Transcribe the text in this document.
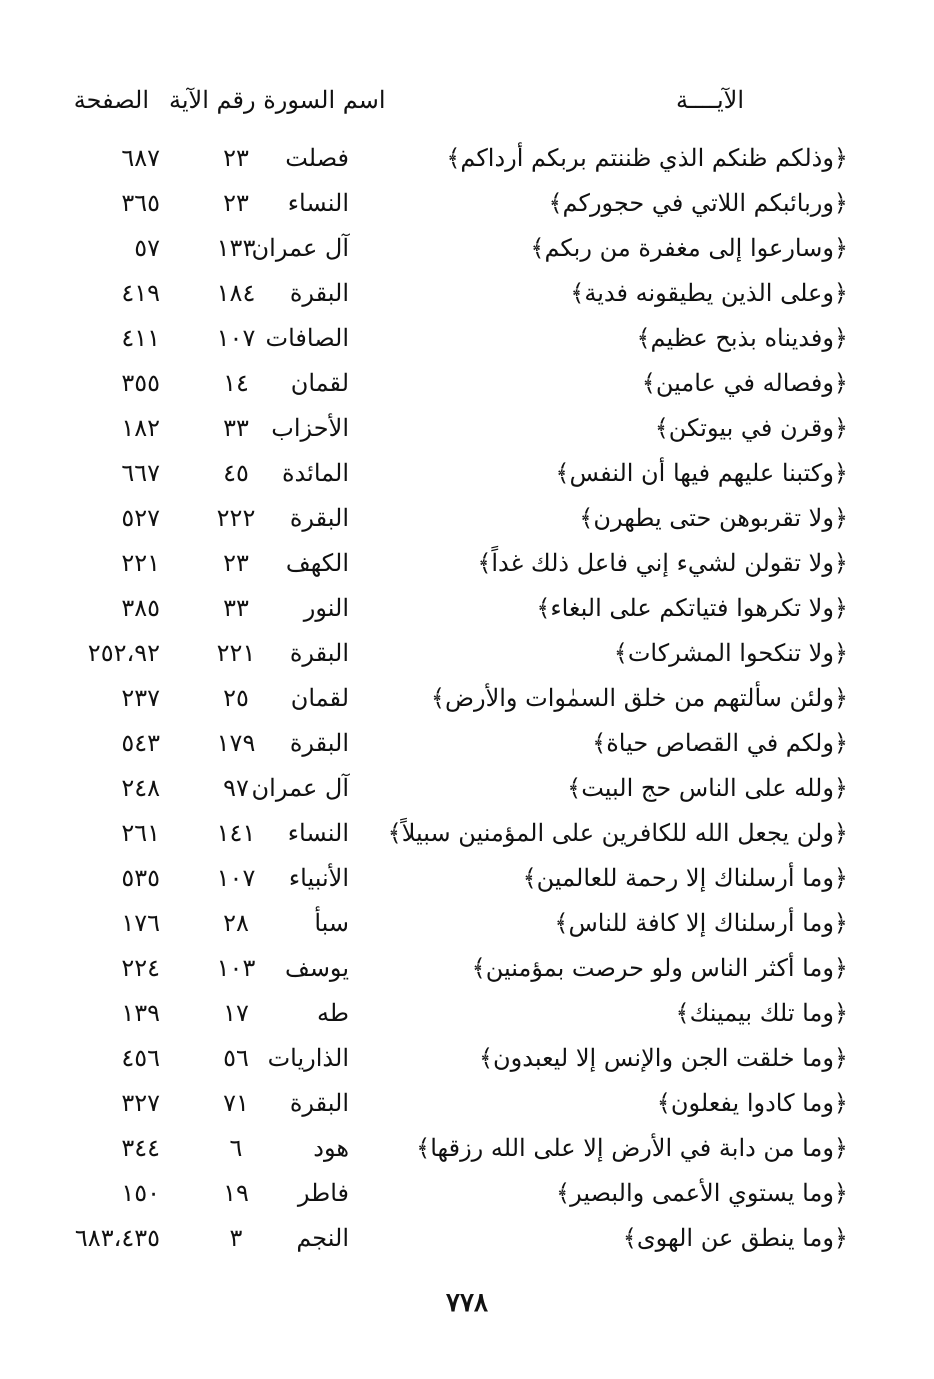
الآيــــة
اسم السورة رقم الآية
الصفحة
﴿وذلكم ظنكم الذي ظننتم بربكم أرداكم﴾
فصلت
٢٣
٦٨٧
﴿وربائبكم اللاتي في حجوركم﴾
النساء
٢٣
٣٦٥
﴿وسارعوا إلى مغفرة من ربكم﴾
آل عمران
١٣٣
٥٧
﴿وعلى الذين يطيقونه فدية﴾
البقرة
١٨٤
٤١٩
﴿وفديناه بذبح عظيم﴾
الصافات
١٠٧
٤١١
﴿وفصاله في عامين﴾
لقمان
١٤
٣٥٥
﴿وقرن في بيوتكن﴾
الأحزاب
٣٣
١٨٢
﴿وكتبنا عليهم فيها أن النفس﴾
المائدة
٤٥
٦٦٧
﴿ولا تقربوهن حتى يطهرن﴾
البقرة
٢٢٢
٥٢٧
﴿ولا تقولن لشيء إني فاعل ذلك غداً﴾
الكهف
٢٣
٢٢١
﴿ولا تكرهوا فتياتكم على البغاء﴾
النور
٣٣
٣٨٥
﴿ولا تنكحوا المشركات﴾
البقرة
٢٢١
٢٥٢،٩٢
﴿ولئن سألتهم من خلق السمٰوات والأرض﴾
لقمان
٢٥
٢٣٧
﴿ولكم في القصاص حياة﴾
البقرة
١٧٩
٥٤٣
﴿ولله على الناس حج البيت﴾
آل عمران
٩٧
٢٤٨
﴿ولن يجعل الله للكافرين على المؤمنين سبيلاً﴾
النساء
١٤١
٢٦١
﴿وما أرسلناك إلا رحمة للعالمين﴾
الأنبياء
١٠٧
٥٣٥
﴿وما أرسلناك إلا كافة للناس﴾
سبأ
٢٨
١٧٦
﴿وما أكثر الناس ولو حرصت بمؤمنين﴾
يوسف
١٠٣
٢٢٤
﴿وما تلك بيمينك﴾
طه
١٧
١٣٩
﴿وما خلقت الجن والإنس إلا ليعبدون﴾
الذاريات
٥٦
٤٥٦
﴿وما كادوا يفعلون﴾
البقرة
٧١
٣٢٧
﴿وما من دابة في الأرض إلا على الله رزقها﴾
هود
٦
٣٤٤
﴿وما يستوي الأعمى والبصير﴾
فاطر
١٩
١٥٠
﴿وما ينطق عن الهوى﴾
النجم
٣
٦٨٣،٤٣٥
٧٧٨
